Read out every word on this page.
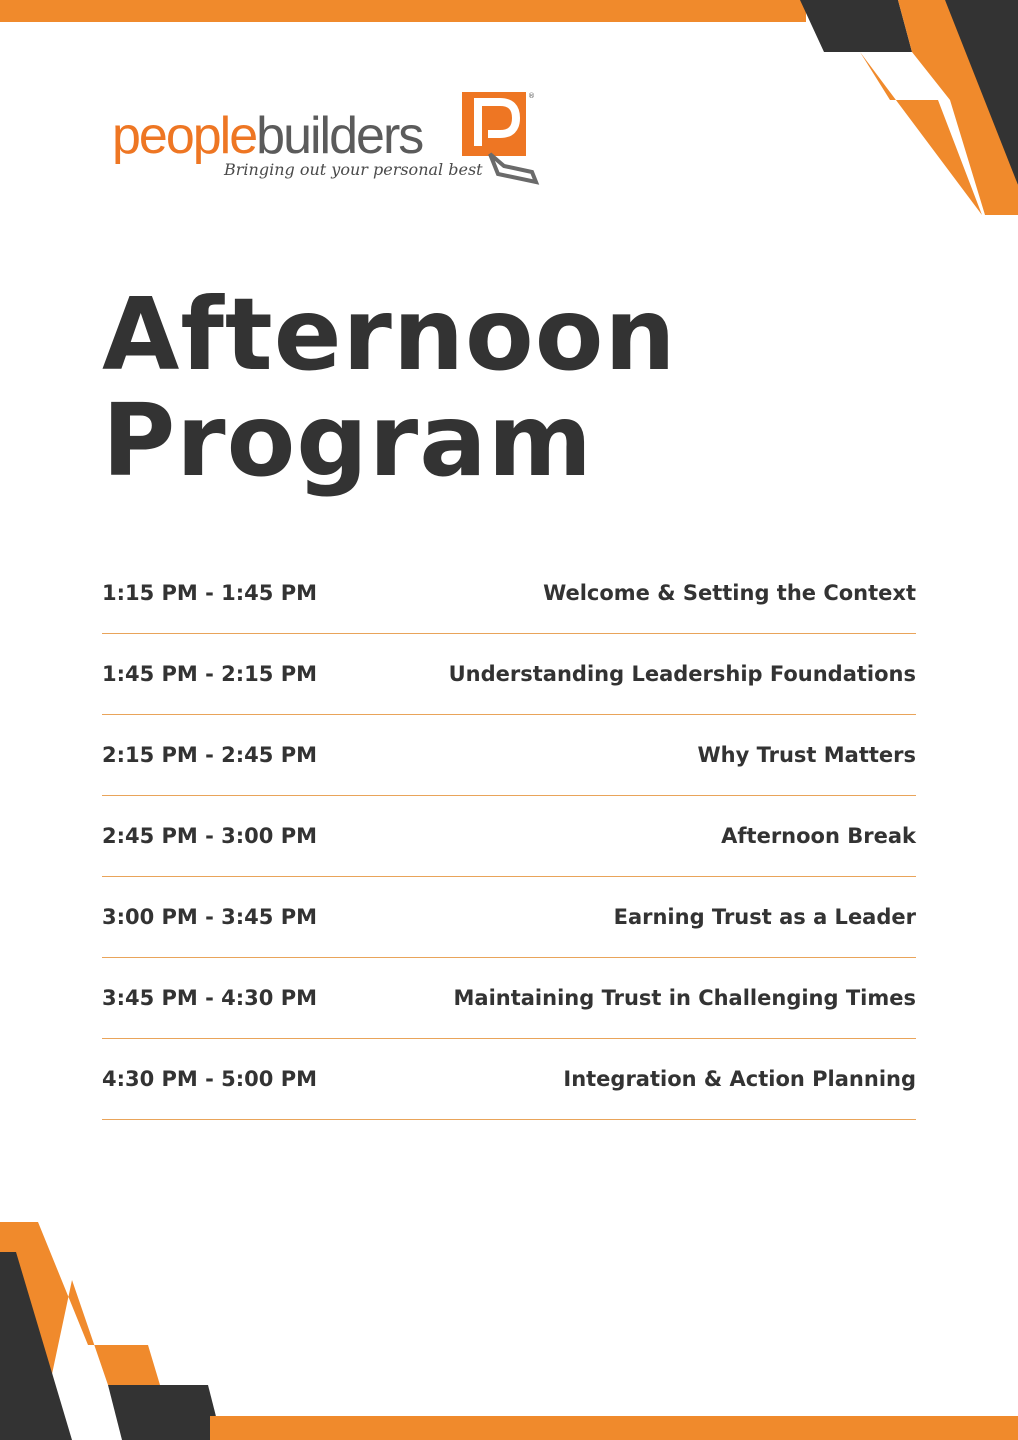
peoplebuilders
Bringing out your personal best
®
Afternoon
Program
1:15 PM - 1:45 PM	Welcome & Setting the Context
1:45 PM - 2:15 PM	Understanding Leadership Foundations
2:15 PM - 2:45 PM	Why Trust Matters
2:45 PM - 3:00 PM	Afternoon Break
3:00 PM - 3:45 PM	Earning Trust as a Leader
3:45 PM - 4:30 PM	Maintaining Trust in Challenging Times
4:30 PM - 5:00 PM	Integration & Action Planning
